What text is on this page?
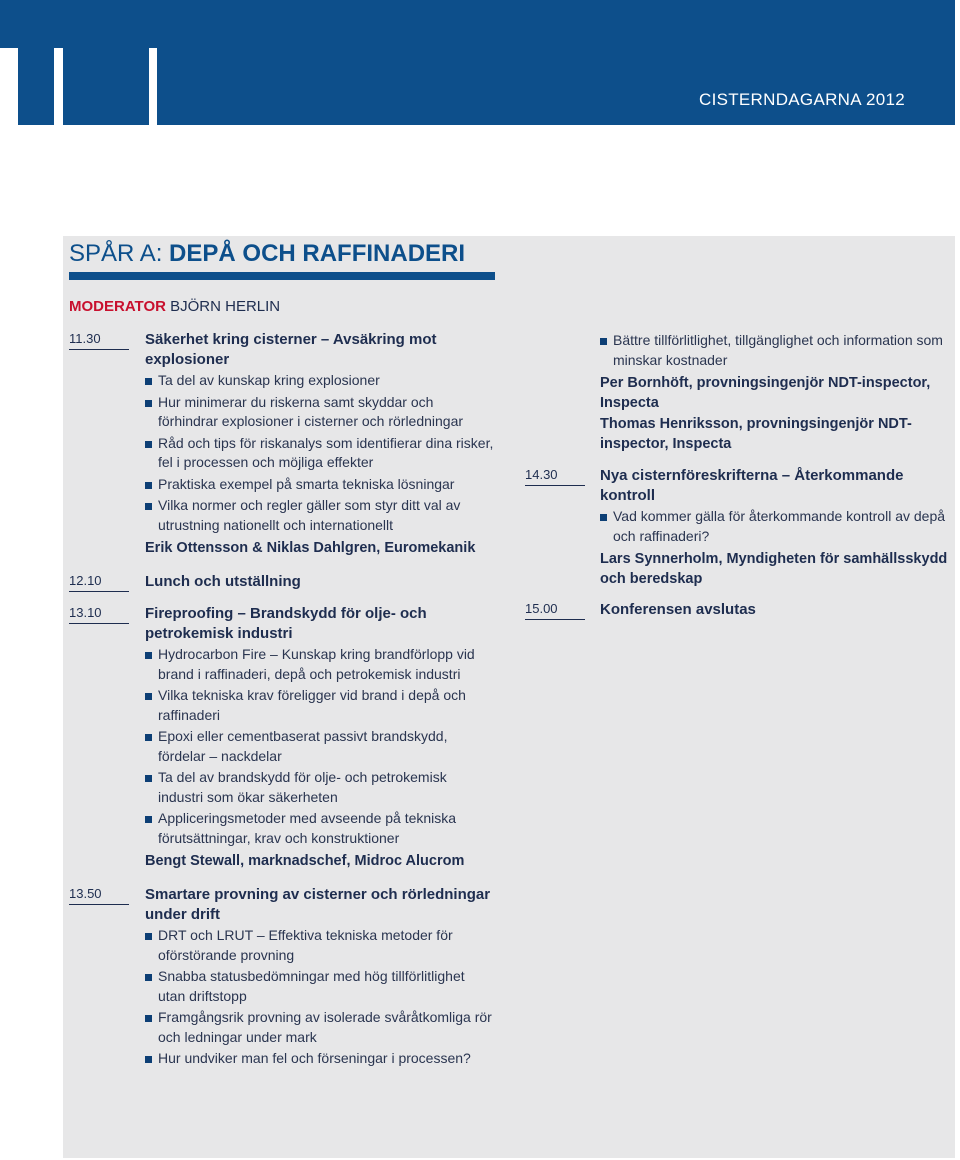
CISTERNDAGARNA 2012
SPÅR A: DEPÅ OCH RAFFINADERI
MODERATOR BJÖRN HERLIN
11.30	Säkerhet kring cisterner – Avsäkring mot explosioner
Ta del av kunskap kring explosioner
Hur minimerar du riskerna samt skyddar och förhindrar explosioner i cisterner och rörledningar
Råd och tips för riskanalys som identifierar dina risker, fel i processen och möjliga effekter
Praktiska exempel på smarta tekniska lösningar
Vilka normer och regler gäller som styr ditt val av utrustning nationellt och internationellt
Erik Ottensson & Niklas Dahlgren, Euromekanik
12.10	Lunch och utställning
13.10	Fireproofing – Brandskydd för olje- och petrokemisk industri
Hydrocarbon Fire – Kunskap kring brandförlopp vid brand i raffinaderi, depå och petrokemisk industri
Vilka tekniska krav föreligger vid brand i depå och raffinaderi
Epoxi eller cementbaserat passivt brandskydd, fördelar – nackdelar
Ta del av brandskydd för olje- och petrokemisk industri som ökar säkerheten
Appliceringsmetoder med avseende på tekniska förutsättningar, krav och konstruktioner
Bengt Stewall, marknadschef, Midroc Alucrom
13.50	Smartare provning av cisterner och rörledningar under drift
DRT och LRUT – Effektiva tekniska metoder för oförstörande provning
Snabba statusbedömningar med hög tillförlitlighet utan driftstopp
Framgångsrik provning av isolerade svåråtkomliga rör och ledningar under mark
Hur undviker man fel och förseningar i processen?
Bättre tillförlitlighet, tillgänglighet och information som minskar kostnader
Per Bornhöft, provningsingenjör NDT-inspector, Inspecta
Thomas Henriksson, provningsingenjör NDT-inspector, Inspecta
14.30	Nya cisternföreskrifterna – Återkommande kontroll
Vad kommer gälla för återkommande kontroll av depå och raffinaderi?
Lars Synnerholm, Myndigheten för samhällsskydd och beredskap
15.00	Konferensen avslutas
